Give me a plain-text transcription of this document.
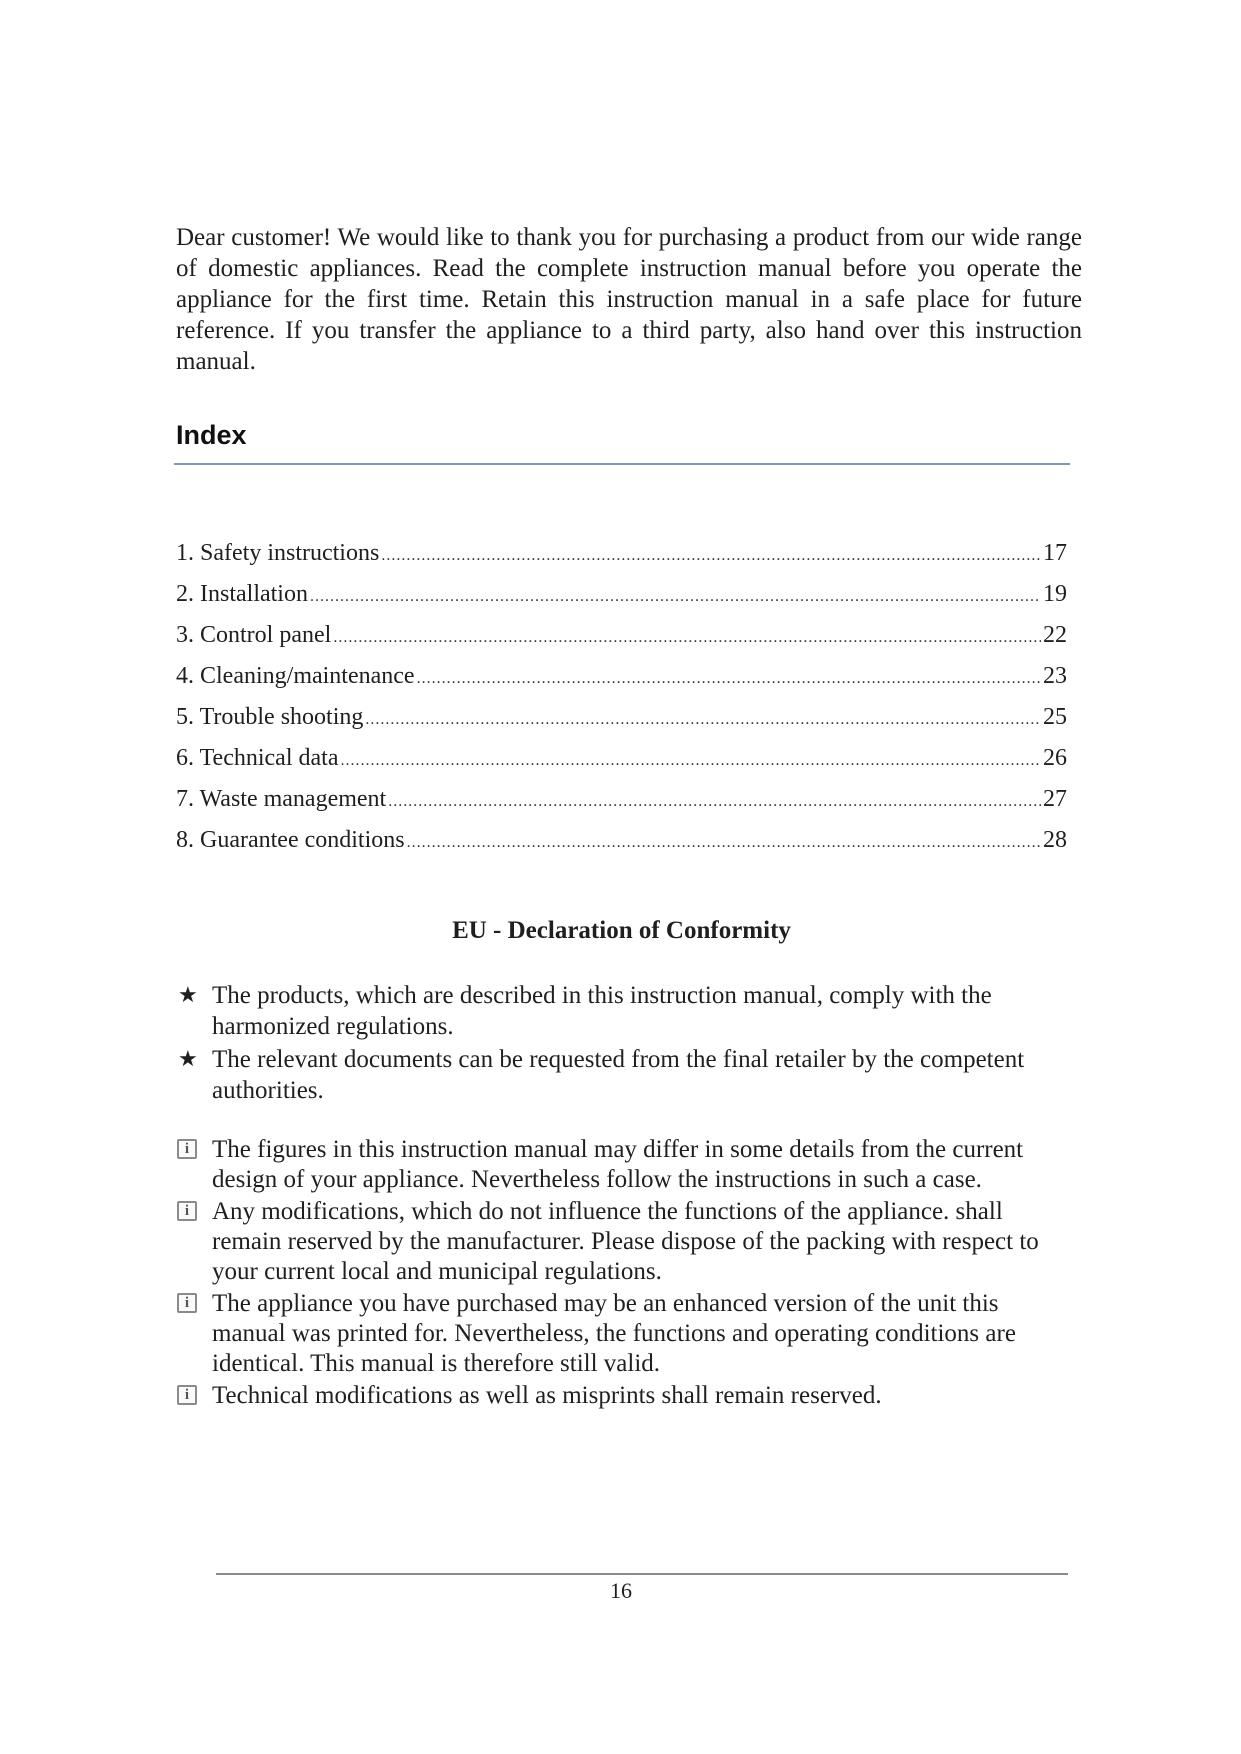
Dear customer! We would like to thank you for purchasing a product from our wide range of domestic appliances. Read the complete instruction manual before you operate the appliance for the first time. Retain this instruction manual in a safe place for future reference. If you transfer the appliance to a third party, also hand over this instruction manual.

Index
1. Safety instructions .....	17
2. Installation .....	19
3. Control panel .....	22
4. Cleaning/maintenance .....	23
5. Trouble shooting .....	25
6. Technical data .....	26
7. Waste management .....	27
8. Guarantee conditions .....	28
EU - Declaration of Conformity
★ The products, which are described in this instruction manual, comply with the harmonized regulations.
★ The relevant documents can be requested from the final retailer by the competent authorities.
i The figures in this instruction manual may differ in some details from the current design of your appliance. Nevertheless follow the instructions in such a case.
i Any modifications, which do not influence the functions of the appliance. shall remain reserved by the manufacturer. Please dispose of the packing with respect to your current local and municipal regulations.
i The appliance you have purchased may be an enhanced version of the unit this manual was printed for. Nevertheless, the functions and operating conditions are identical. This manual is therefore still valid.
i Technical modifications as well as misprints shall remain reserved.

16
